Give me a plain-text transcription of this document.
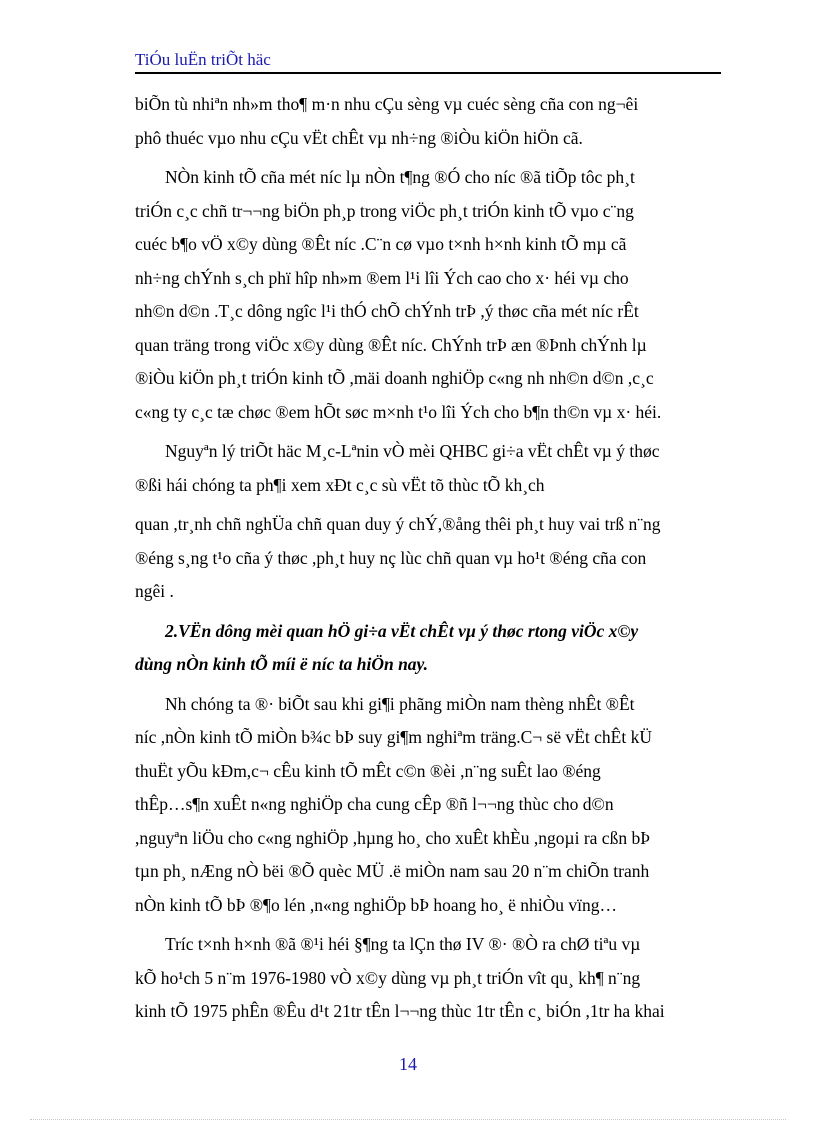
TiÓu luËn triÕt häc
biÕn tù nhiªn nh»m tho¶ m·n nhu cÇu sèng vµ cuéc sèng cña con ng¬êi
phô thuéc vµo nhu cÇu vËt chÊt vµ nh÷ng ®iÒu kiÖn hiÖn cã.
NÒn kinh tÕ cña mét níc lµ nÒn t¶ng ®Ó cho níc ®ã tiÕp tôc ph¸t
triÓn c¸c chñ tr¬¬ng biÖn ph¸p trong viÖc ph¸t triÓn kinh tÕ vµo c¨ng
cuéc b¶o vÖ x©y dùng ®Êt níc .C¨n cø vµo t×nh h×nh kinh tÕ mµ cã
nh÷ng chÝnh s¸ch phï hîp nh»m ®em l¹i lîi Ých cao cho x· héi vµ cho
nh©n d©n .T¸c dông ngîc l¹i thÓ chÕ chÝnh trÞ ,ý thøc cña mét níc rÊt
quan träng trong viÖc x©y dùng ®Êt níc. ChÝnh trÞ æn ®Þnh chÝnh lµ
®iÒu kiÖn ph¸t triÓn kinh tÕ ,mäi doanh nghiÖp c«ng nh nh©n d©n ,c¸c
c«ng ty c¸c tæ chøc ®em hÕt søc m×nh t¹o lîi Ých cho b¶n th©n vµ x· héi.
Nguyªn lý triÕt häc M¸c-Lªnin vÒ mèi QHBC gi÷a vËt chÊt vµ ý thøc
®ßi hái chóng ta ph¶i xem xÐt c¸c sù vËt tõ thùc tÕ kh¸ch
quan ,tr¸nh chñ nghÜa chñ quan duy ý chÝ,®ång thêi ph¸t huy vai trß n¨ng
®éng s¸ng t¹o cña ý thøc ,ph¸t huy nç lùc chñ quan vµ ho¹t ®éng cña con
ngêi .
2.VËn dông mèi quan hÖ gi÷a vËt chÊt vµ ý thøc rtong viÖc x©y
dùng nÒn kinh tÕ míi ë níc ta hiÖn nay.
Nh chóng ta ®· biÕt sau khi gi¶i phãng miÒn nam thèng nhÊt ®Êt
níc ,nÒn kinh tÕ miÒn b¾c bÞ suy gi¶m nghiªm träng.C¬ së vËt chÊt kÜ
thuËt yÕu kÐm,c¬ cÊu kinh tÕ mÊt c©n ®èi ,n¨ng suÊt lao ®éng
thÊp…s¶n xuÊt n«ng nghiÖp cha cung cÊp ®ñ l¬¬ng thùc cho d©n
,nguyªn liÖu cho c«ng nghiÖp ,hµng ho¸ cho xuÊt khÈu ,ngoµi ra cßn bÞ
tµn ph¸ nÆng nÒ bëi ®Õ quèc MÜ .ë miÒn nam sau 20 n¨m chiÕn tranh
nÒn kinh tÕ bÞ ®¶o lén ,n«ng nghiÖp bÞ hoang ho¸ ë nhiÒu vïng…
Tríc t×nh h×nh ®ã ®¹i héi §¶ng ta lÇn thø IV ®· ®Ò ra chØ tiªu vµ
kÕ ho¹ch 5 n¨m 1976-1980 vÒ x©y dùng vµ ph¸t triÓn vît qu¸ kh¶ n¨ng
kinh tÕ 1975 phÊn ®Êu d¹t 21tr tÊn l¬¬ng thùc 1tr tÊn c¸ biÓn ,1tr ha khai
14
